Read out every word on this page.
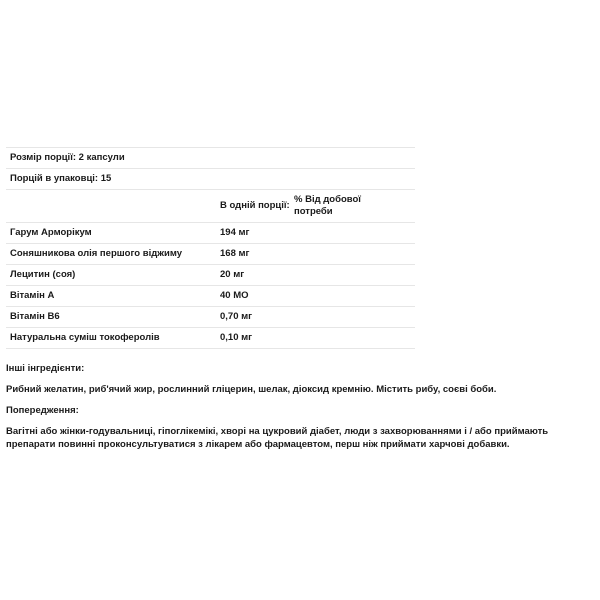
Розмір порції: 2 капсули		
Порцій в упаковці: 15		
	В одній порції:	% Від добової
потреби

Гарум Арморікум	194 мг	
Соняшникова олія першого віджиму	168 мг	
Лецитин (соя)	20 мг	
Вітамін А	40 МО	
Вітамін В6	0,70 мг	
Натуральна суміш токоферолів	0,10 мг	
Інші інгредієнти:
Рибний желатин, риб'ячий жир, рослинний гліцерин, шелак, діоксид кремнію. Містить рибу, соєві боби.
Попередження:
Вагітні або жінки-годувальниці, гіпоглікемікі, хворі на цукровий діабет, люди з захворюваннями і / або приймають препарати повинні проконсультуватися з лікарем або фармацевтом, перш ніж приймати харчові добавки.
